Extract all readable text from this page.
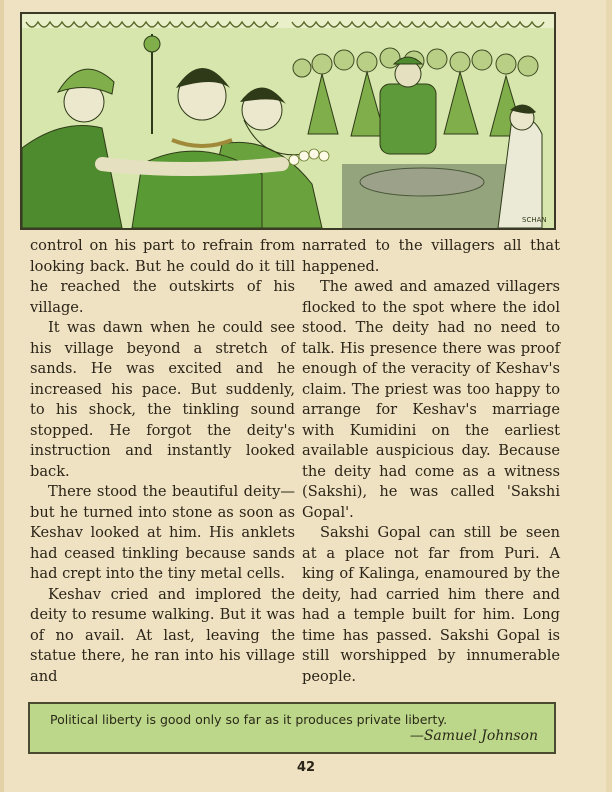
SCHAN

control on his part to refrain from looking back. But he could do it till he reached the outskirts of his village.

It was dawn when he could see his village beyond a stretch of sands. He was excited and he increased his pace. But suddenly, to his shock, the tinkling sound stopped. He forgot the deity's instruction and instantly looked back.

There stood the beautiful deity—but he turned into stone as soon as Keshav looked at him. His anklets had ceased tinkling because sands had crept into the tiny metal cells.

Keshav cried and implored the deity to resume walking. But it was of no avail. At last, leaving the statue there, he ran into his village and

narrated to the villagers all that happened.

The awed and amazed villagers flocked to the spot where the idol stood. The deity had no need to talk. His presence there was proof enough of the veracity of Keshav's claim. The priest was too happy to arrange for Keshav's marriage with Kumidini on the earliest available auspicious day. Because the deity had come as a witness (Sakshi), he was called 'Sakshi Gopal'.

Sakshi Gopal can still be seen at a place not far from Puri. A king of Kalinga, enamoured by the deity, had carried him there and had a temple built for him. Long time has passed. Sakshi Gopal is still worshipped by innumerable people.

Political liberty is good only so far as it produces private liberty.
—Samuel Johnson
42
